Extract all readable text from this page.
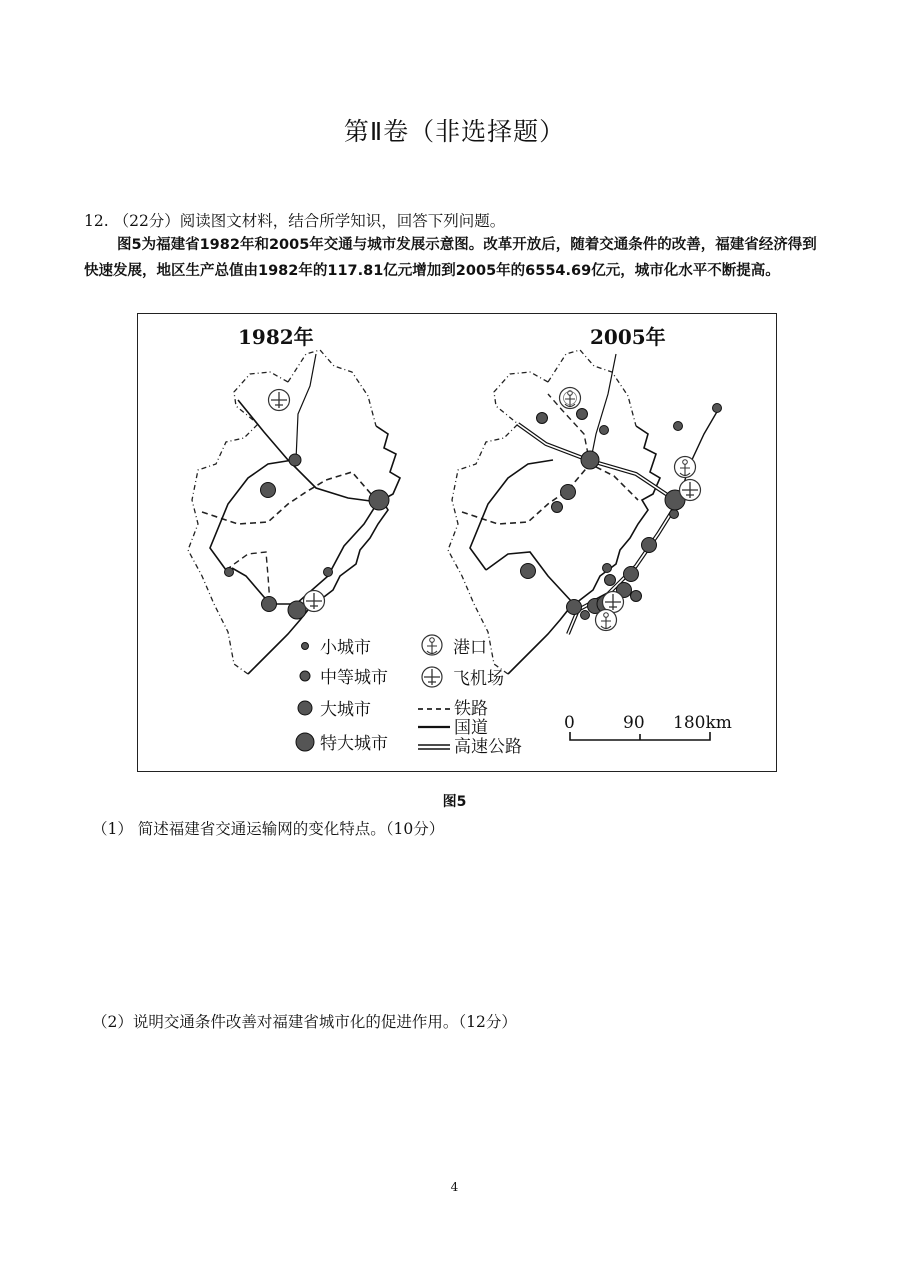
第Ⅱ卷（非选择题）
12. （22分）阅读图文材料，结合所学知识，回答下列问题。
图5为福建省1982年和2005年交通与城市发展示意图。改革开放后，随着交通条件的改善，福建省经济得到快速发展，地区生产总值由1982年的117.81亿元增加到2005年的6554.69亿元，城市化水平不断提高。
1982年	2005年
小城市
中等城市
大城市
特大城市
港口
飞机场
铁路
国道
高速公路
0	90 180km
图5
（1） 简述福建省交通运输网的变化特点。（10分）
（2）说明交通条件改善对福建省城市化的促进作用。（12分）
4
